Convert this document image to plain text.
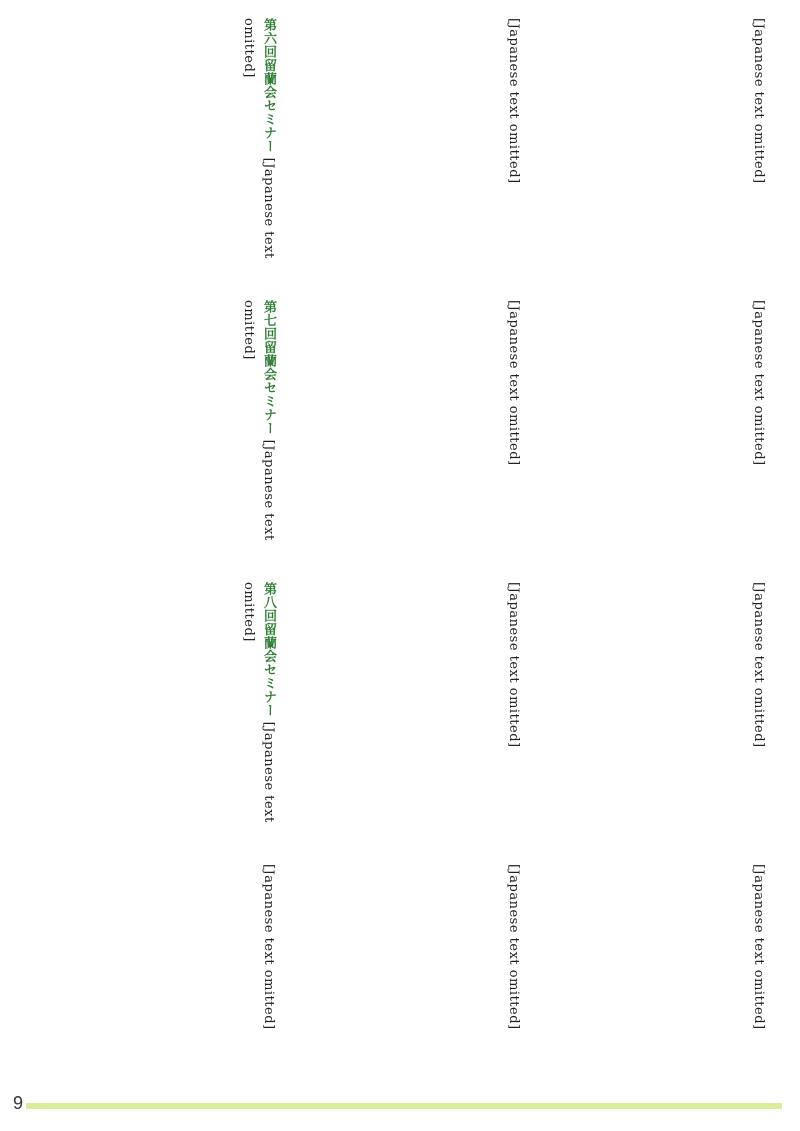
[Japanese text omitted]
[Japanese text omitted]
第六回留蘭会セミナー [Japanese text omitted]
[Japanese text omitted]
[Japanese text omitted]
第七回留蘭会セミナー [Japanese text omitted]
[Japanese text omitted]
[Japanese text omitted]
第八回留蘭会セミナー [Japanese text omitted]
[Japanese text omitted]
[Japanese text omitted]
[Japanese text omitted]
9
